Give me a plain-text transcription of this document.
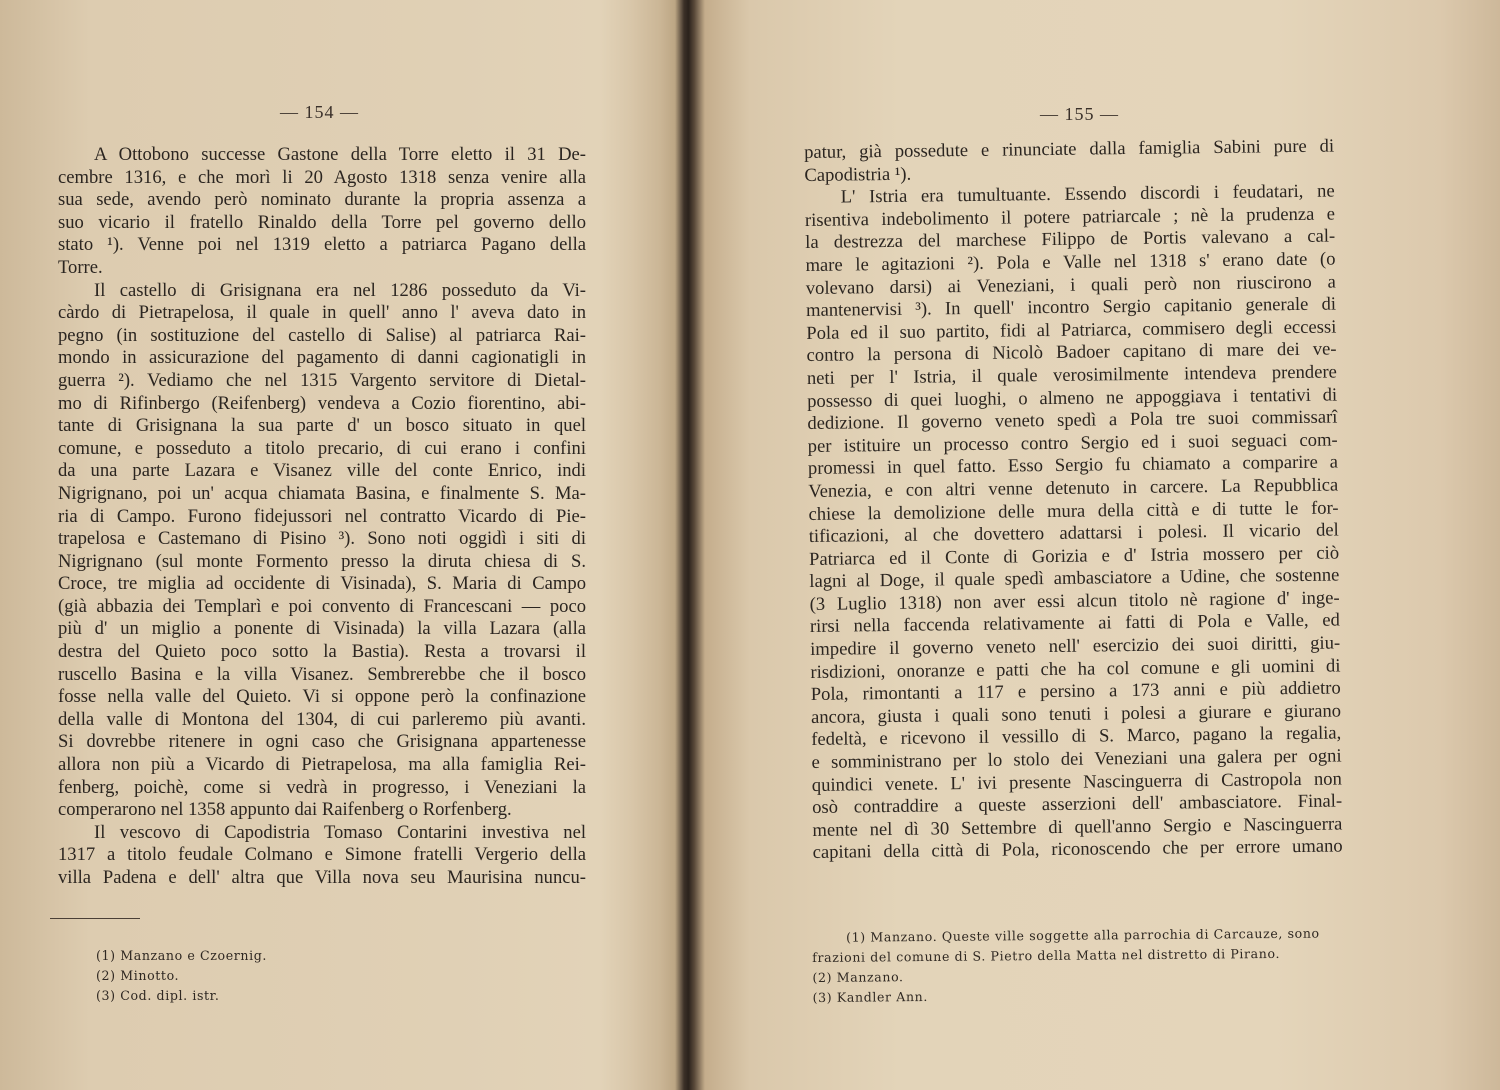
— 154 —
A Ottobono successe Gastone della Torre eletto il 31 De-
cembre 1316, e che morì li 20 Agosto 1318 senza venire alla
sua sede, avendo però nominato durante la propria assenza a
suo vicario il fratello Rinaldo della Torre pel governo dello
stato ¹). Venne poi nel 1319 eletto a patriarca Pagano della
Torre.
Il castello di Grisignana era nel 1286 posseduto da Vi-
càrdo di Pietrapelosa, il quale in quell' anno l' aveva dato in
pegno (in sostituzione del castello di Salise) al patriarca Rai-
mondo in assicurazione del pagamento di danni cagionatigli in
guerra ²). Vediamo che nel 1315 Vargento servitore di Dietal-
mo di Rifinbergo (Reifenberg) vendeva a Cozio fiorentino, abi-
tante di Grisignana la sua parte d' un bosco situato in quel
comune, e posseduto a titolo precario, di cui erano i confini
da una parte Lazara e Visanez ville del conte Enrico, indi
Nigrignano, poi un' acqua chiamata Basina, e finalmente S. Ma-
ria di Campo. Furono fidejussori nel contratto Vicardo di Pie-
trapelosa e Castemano di Pisino ³). Sono noti oggidì i siti di
Nigrignano (sul monte Formento presso la diruta chiesa di S.
Croce, tre miglia ad occidente di Visinada), S. Maria di Campo
(già abbazia dei Templarì e poi convento di Francescani — poco
più d' un miglio a ponente di Visinada) la villa Lazara (alla
destra del Quieto poco sotto la Bastia). Resta a trovarsi il
ruscello Basina e la villa Visanez. Sembrerebbe che il bosco
fosse nella valle del Quieto. Vi si oppone però la confinazione
della valle di Montona del 1304, di cui parleremo più avanti.
Si dovrebbe ritenere in ogni caso che Grisignana appartenesse
allora non più a Vicardo di Pietrapelosa, ma alla famiglia Rei-
fenberg, poichè, come si vedrà in progresso, i Veneziani la
comperarono nel 1358 appunto dai Raifenberg o Rorfenberg.
Il vescovo di Capodistria Tomaso Contarini investiva nel
1317 a titolo feudale Colmano e Simone fratelli Vergerio della
villa Padena e dell' altra que Villa nova seu Maurisina nuncu-
(1) Manzano e Czoernig.
(2) Minotto.
(3) Cod. dipl. istr.
— 155 —
patur, già possedute e rinunciate dalla famiglia Sabini pure di
Capodistria ¹).
L' Istria era tumultuante. Essendo discordi i feudatari, ne
risentiva indebolimento il potere patriarcale ; nè la prudenza e
la destrezza del marchese Filippo de Portis valevano a cal-
mare le agitazioni ²). Pola e Valle nel 1318 s' erano date (o
volevano darsi) ai Veneziani, i quali però non riuscirono a
mantenervisi ³). In quell' incontro Sergio capitanio generale di
Pola ed il suo partito, fidi al Patriarca, commisero degli eccessi
contro la persona di Nicolò Badoer capitano di mare dei ve-
neti per l' Istria, il quale verosimilmente intendeva prendere
possesso di quei luoghi, o almeno ne appoggiava i tentativi di
dedizione. Il governo veneto spedì a Pola tre suoi commissarî
per istituire un processo contro Sergio ed i suoi seguaci com-
promessi in quel fatto. Esso Sergio fu chiamato a comparire a
Venezia, e con altri venne detenuto in carcere. La Repubblica
chiese la demolizione delle mura della città e di tutte le for-
tificazioni, al che dovettero adattarsi i polesi. Il vicario del
Patriarca ed il Conte di Gorizia e d' Istria mossero per ciò
lagni al Doge, il quale spedì ambasciatore a Udine, che sostenne
(3 Luglio 1318) non aver essi alcun titolo nè ragione d' inge-
rirsi nella faccenda relativamente ai fatti di Pola e Valle, ed
impedire il governo veneto nell' esercizio dei suoi diritti, giu-
risdizioni, onoranze e patti che ha col comune e gli uomini di
Pola, rimontanti a 117 e persino a 173 anni e più addietro
ancora, giusta i quali sono tenuti i polesi a giurare e giurano
fedeltà, e ricevono il vessillo di S. Marco, pagano la regalia,
e somministrano per lo stolo dei Veneziani una galera per ogni
quindici venete. L' ivi presente Nascinguerra di Castropola non
osò contraddire a queste asserzioni dell' ambasciatore. Final-
mente nel dì 30 Settembre di quell'anno Sergio e Nascinguerra
capitani della città di Pola, riconoscendo che per errore umano
(1) Manzano. Queste ville soggette alla parrochia di Carcauze, sono
frazioni del comune di S. Pietro della Matta nel distretto di Pirano.
(2) Manzano.
(3) Kandler Ann.
